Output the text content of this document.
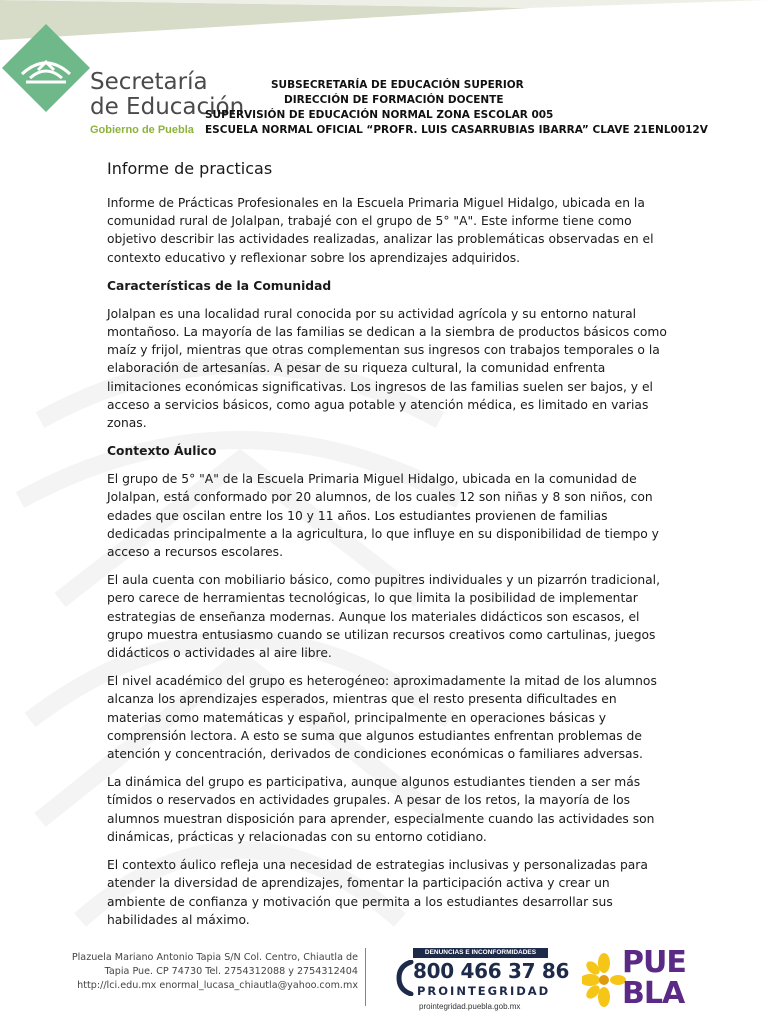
Secretaría
de Educación
Gobierno de Puebla
SUBSECRETARÍA DE EDUCACIÓN SUPERIOR
DIRECCIÓN DE FORMACIÓN DOCENTE
SUPERVISIÓN DE EDUCACIÓN NORMAL ZONA ESCOLAR 005
ESCUELA NORMAL OFICIAL “PROFR. LUIS CASARRUBIAS IBARRA” CLAVE 21ENL0012V
Informe de practicas

Informe de Prácticas Profesionales en la Escuela Primaria Miguel Hidalgo, ubicada en la comunidad rural de Jolalpan, trabajé con el grupo de 5° "A". Este informe tiene como objetivo describir las actividades realizadas, analizar las problemáticas observadas en el contexto educativo y reflexionar sobre los aprendizajes adquiridos.

Características de la Comunidad

Jolalpan es una localidad rural conocida por su actividad agrícola y su entorno natural montañoso. La mayoría de las familias se dedican a la siembra de productos básicos como maíz y frijol, mientras que otras complementan sus ingresos con trabajos temporales o la elaboración de artesanías. A pesar de su riqueza cultural, la comunidad enfrenta limitaciones económicas significativas. Los ingresos de las familias suelen ser bajos, y el acceso a servicios básicos, como agua potable y atención médica, es limitado en varias zonas.

Contexto Áulico

El grupo de 5° "A" de la Escuela Primaria Miguel Hidalgo, ubicada en la comunidad de Jolalpan, está conformado por 20 alumnos, de los cuales 12 son niñas y 8 son niños, con edades que oscilan entre los 10 y 11 años. Los estudiantes provienen de familias dedicadas principalmente a la agricultura, lo que influye en su disponibilidad de tiempo y acceso a recursos escolares.

El aula cuenta con mobiliario básico, como pupitres individuales y un pizarrón tradicional, pero carece de herramientas tecnológicas, lo que limita la posibilidad de implementar estrategias de enseñanza modernas. Aunque los materiales didácticos son escasos, el grupo muestra entusiasmo cuando se utilizan recursos creativos como cartulinas, juegos didácticos o actividades al aire libre.

El nivel académico del grupo es heterogéneo: aproximadamente la mitad de los alumnos alcanza los aprendizajes esperados, mientras que el resto presenta dificultades en materias como matemáticas y español, principalmente en operaciones básicas y comprensión lectora. A esto se suma que algunos estudiantes enfrentan problemas de atención y concentración, derivados de condiciones económicas o familiares adversas.

La dinámica del grupo es participativa, aunque algunos estudiantes tienden a ser más tímidos o reservados en actividades grupales. A pesar de los retos, la mayoría de los alumnos muestran disposición para aprender, especialmente cuando las actividades son dinámicas, prácticas y relacionadas con su entorno cotidiano.

El contexto áulico refleja una necesidad de estrategias inclusivas y personalizadas para atender la diversidad de aprendizajes, fomentar la participación activa y crear un ambiente de confianza y motivación que permita a los estudiantes desarrollar sus habilidades al máximo.

Plazuela Mariano Antonio Tapia S/N Col. Centro, Chiautla de
Tapia Pue. CP 74730 Tel. 2754312088 y 2754312404
http://lci.edu.mx enormal_lucasa_chiautla@yahoo.com.mx
DENUNCIAS E INCONFORMIDADES
800 466 37 86
PROINTEGRIDAD
prointegridad.puebla.gob.mx
PUE
BLA
